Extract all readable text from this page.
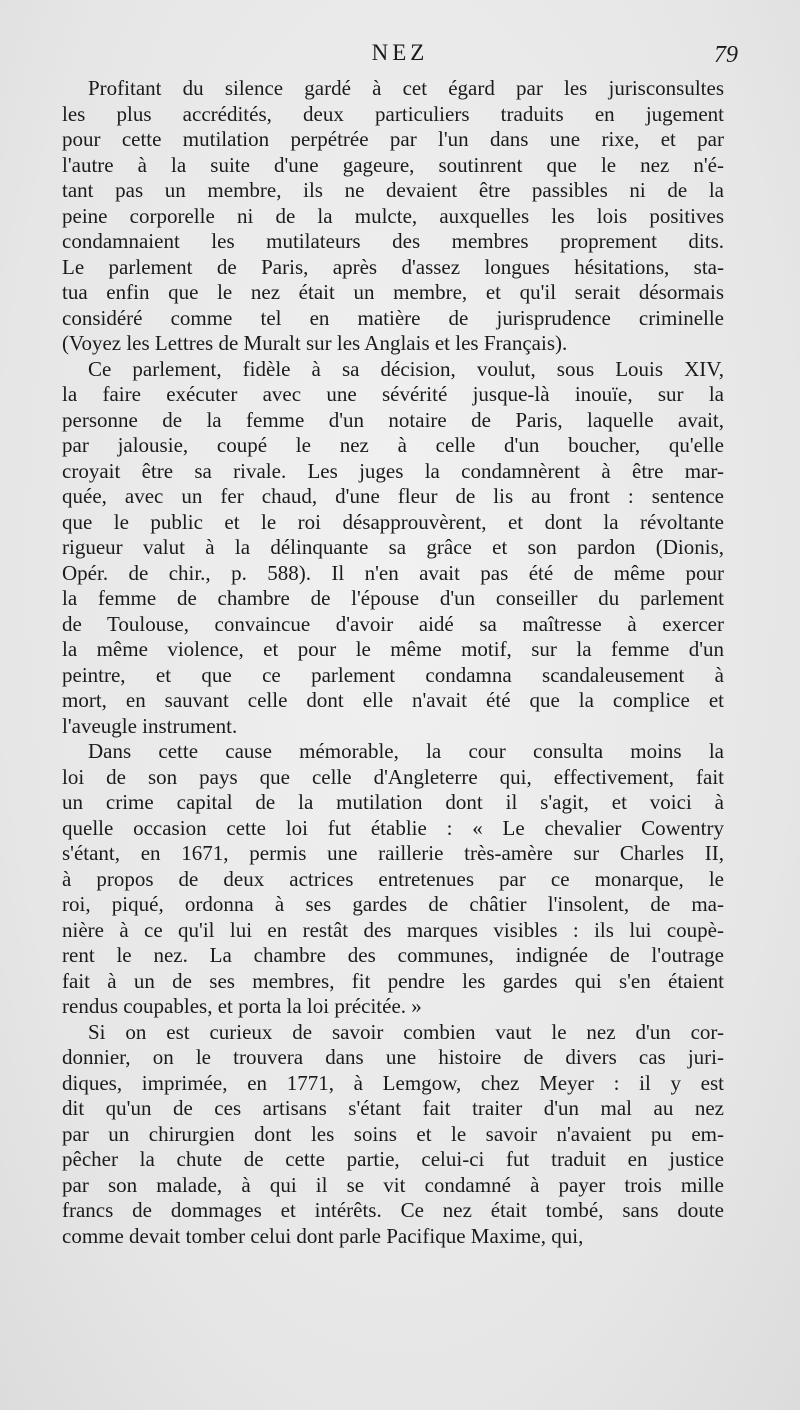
NEZ	79
Profitant du silence gardé à cet égard par les jurisconsultes
les plus accrédités, deux particuliers traduits en jugement
pour cette mutilation perpétrée par l'un dans une rixe, et par
l'autre à la suite d'une gageure, soutinrent que le nez n'é-
tant pas un membre, ils ne devaient être passibles ni de la
peine corporelle ni de la mulcte, auxquelles les lois positives
condamnaient les mutilateurs des membres proprement dits.
Le parlement de Paris, après d'assez longues hésitations, sta-
tua enfin que le nez était un membre, et qu'il serait désormais
considéré comme tel en matière de jurisprudence criminelle
(Voyez les Lettres de Muralt sur les Anglais et les Français).
Ce parlement, fidèle à sa décision, voulut, sous Louis XIV,
la faire exécuter avec une sévérité jusque-là inouïe, sur la
personne de la femme d'un notaire de Paris, laquelle avait,
par jalousie, coupé le nez à celle d'un boucher, qu'elle
croyait être sa rivale. Les juges la condamnèrent à être mar-
quée, avec un fer chaud, d'une fleur de lis au front : sentence
que le public et le roi désapprouvèrent, et dont la révoltante
rigueur valut à la délinquante sa grâce et son pardon (Dionis,
Opér. de chir., p. 588). Il n'en avait pas été de même pour
la femme de chambre de l'épouse d'un conseiller du parlement
de Toulouse, convaincue d'avoir aidé sa maîtresse à exercer
la même violence, et pour le même motif, sur la femme d'un
peintre, et que ce parlement condamna scandaleusement à
mort, en sauvant celle dont elle n'avait été que la complice et
l'aveugle instrument.
Dans cette cause mémorable, la cour consulta moins la
loi de son pays que celle d'Angleterre qui, effectivement, fait
un crime capital de la mutilation dont il s'agit, et voici à
quelle occasion cette loi fut établie : « Le chevalier Cowentry
s'étant, en 1671, permis une raillerie très-amère sur Charles II,
à propos de deux actrices entretenues par ce monarque, le
roi, piqué, ordonna à ses gardes de châtier l'insolent, de ma-
nière à ce qu'il lui en restât des marques visibles : ils lui coupè-
rent le nez. La chambre des communes, indignée de l'outrage
fait à un de ses membres, fit pendre les gardes qui s'en étaient
rendus coupables, et porta la loi précitée. »
Si on est curieux de savoir combien vaut le nez d'un cor-
donnier, on le trouvera dans une histoire de divers cas juri-
diques, imprimée, en 1771, à Lemgow, chez Meyer : il y est
dit qu'un de ces artisans s'étant fait traiter d'un mal au nez
par un chirurgien dont les soins et le savoir n'avaient pu em-
pêcher la chute de cette partie, celui-ci fut traduit en justice
par son malade, à qui il se vit condamné à payer trois mille
francs de dommages et intérêts. Ce nez était tombé, sans doute
comme devait tomber celui dont parle Pacifique Maxime, qui,
